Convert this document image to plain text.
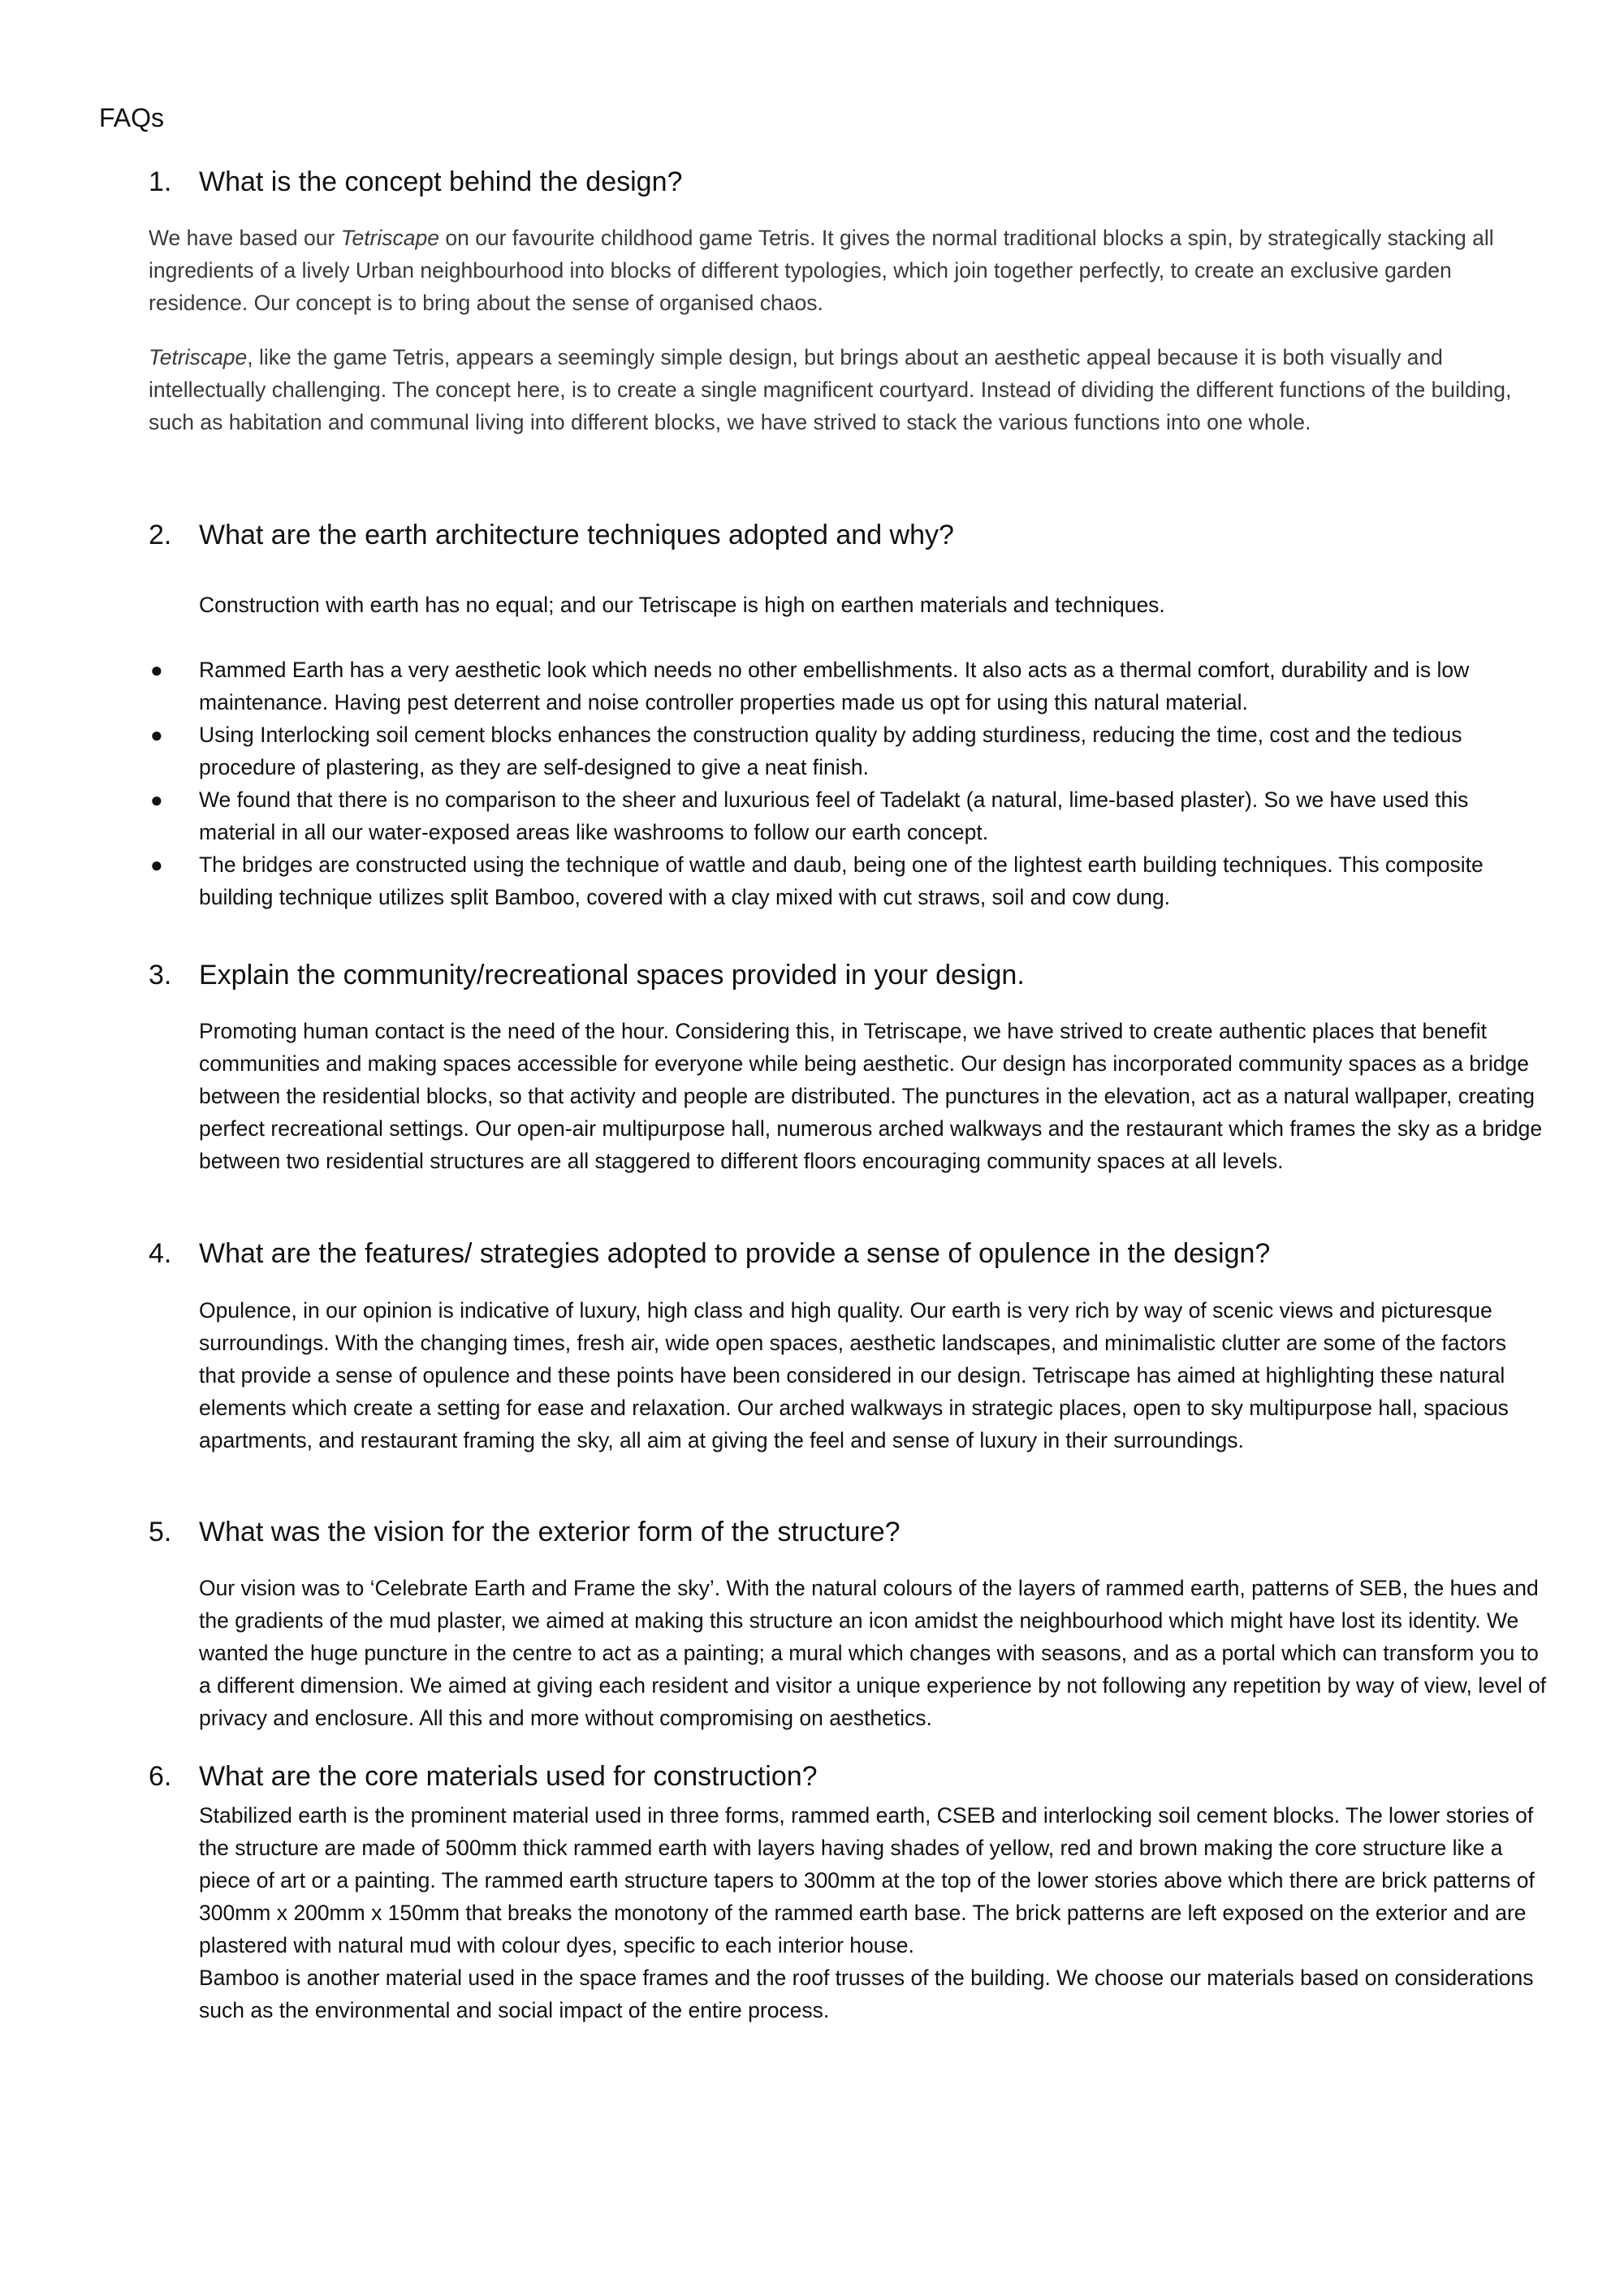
FAQs
1. What is the concept behind the design?
We have based our Tetriscape on our favourite childhood game Tetris. It gives the normal traditional blocks a spin, by strategically stacking all ingredients of a lively Urban neighbourhood into blocks of different typologies, which join together perfectly, to create an exclusive garden residence. Our concept is to bring about the sense of organised chaos.
Tetriscape, like the game Tetris, appears a seemingly simple design, but brings about an aesthetic appeal because it is both visually and intellectually challenging. The concept here, is to create a single magnificent courtyard. Instead of dividing the different functions of the building, such as habitation and communal living into different blocks, we have strived to stack the various functions into one whole.
2. What are the earth architecture techniques adopted and why?
Construction with earth has no equal; and our Tetriscape is high on earthen materials and techniques.
● Rammed Earth has a very aesthetic look which needs no other embellishments. It also acts as a thermal comfort, durability and is low maintenance. Having pest deterrent and noise controller properties made us opt for using this natural material.
● Using Interlocking soil cement blocks enhances the construction quality by adding sturdiness, reducing the time, cost and the tedious procedure of plastering, as they are self-designed to give a neat finish.
● We found that there is no comparison to the sheer and luxurious feel of Tadelakt (a natural, lime-based plaster). So we have used this material in all our water-exposed areas like washrooms to follow our earth concept.
● The bridges are constructed using the technique of wattle and daub, being one of the lightest earth building techniques. This composite building technique utilizes split Bamboo, covered with a clay mixed with cut straws, soil and cow dung.
3. Explain the community/recreational spaces provided in your design.
Promoting human contact is the need of the hour. Considering this, in Tetriscape, we have strived to create authentic places that benefit communities and making spaces accessible for everyone while being aesthetic. Our design has incorporated community spaces as a bridge between the residential blocks, so that activity and people are distributed. The punctures in the elevation, act as a natural wallpaper, creating perfect recreational settings. Our open-air multipurpose hall, numerous arched walkways and the restaurant which frames the sky as a bridge between two residential structures are all staggered to different floors encouraging community spaces at all levels.
4. What are the features/ strategies adopted to provide a sense of opulence in the design?
Opulence, in our opinion is indicative of luxury, high class and high quality. Our earth is very rich by way of scenic views and picturesque surroundings. With the changing times, fresh air, wide open spaces, aesthetic landscapes, and minimalistic clutter are some of the factors that provide a sense of opulence and these points have been considered in our design. Tetriscape has aimed at highlighting these natural elements which create a setting for ease and relaxation. Our arched walkways in strategic places, open to sky multipurpose hall, spacious apartments, and restaurant framing the sky, all aim at giving the feel and sense of luxury in their surroundings.
5. What was the vision for the exterior form of the structure?
Our vision was to ‘Celebrate Earth and Frame the sky’. With the natural colours of the layers of rammed earth, patterns of SEB, the hues and the gradients of the mud plaster, we aimed at making this structure an icon amidst the neighbourhood which might have lost its identity. We wanted the huge puncture in the centre to act as a painting; a mural which changes with seasons, and as a portal which can transform you to a different dimension. We aimed at giving each resident and visitor a unique experience by not following any repetition by way of view, level of privacy and enclosure. All this and more without compromising on aesthetics.
6. What are the core materials used for construction?
Stabilized earth is the prominent material used in three forms, rammed earth, CSEB and interlocking soil cement blocks. The lower stories of the structure are made of 500mm thick rammed earth with layers having shades of yellow, red and brown making the core structure like a piece of art or a painting. The rammed earth structure tapers to 300mm at the top of the lower stories above which there are brick patterns of 300mm x 200mm x 150mm that breaks the monotony of the rammed earth base. The brick patterns are left exposed on the exterior and are plastered with natural mud with colour dyes, specific to each interior house.
Bamboo is another material used in the space frames and the roof trusses of the building. We choose our materials based on considerations such as the environmental and social impact of the entire process.
